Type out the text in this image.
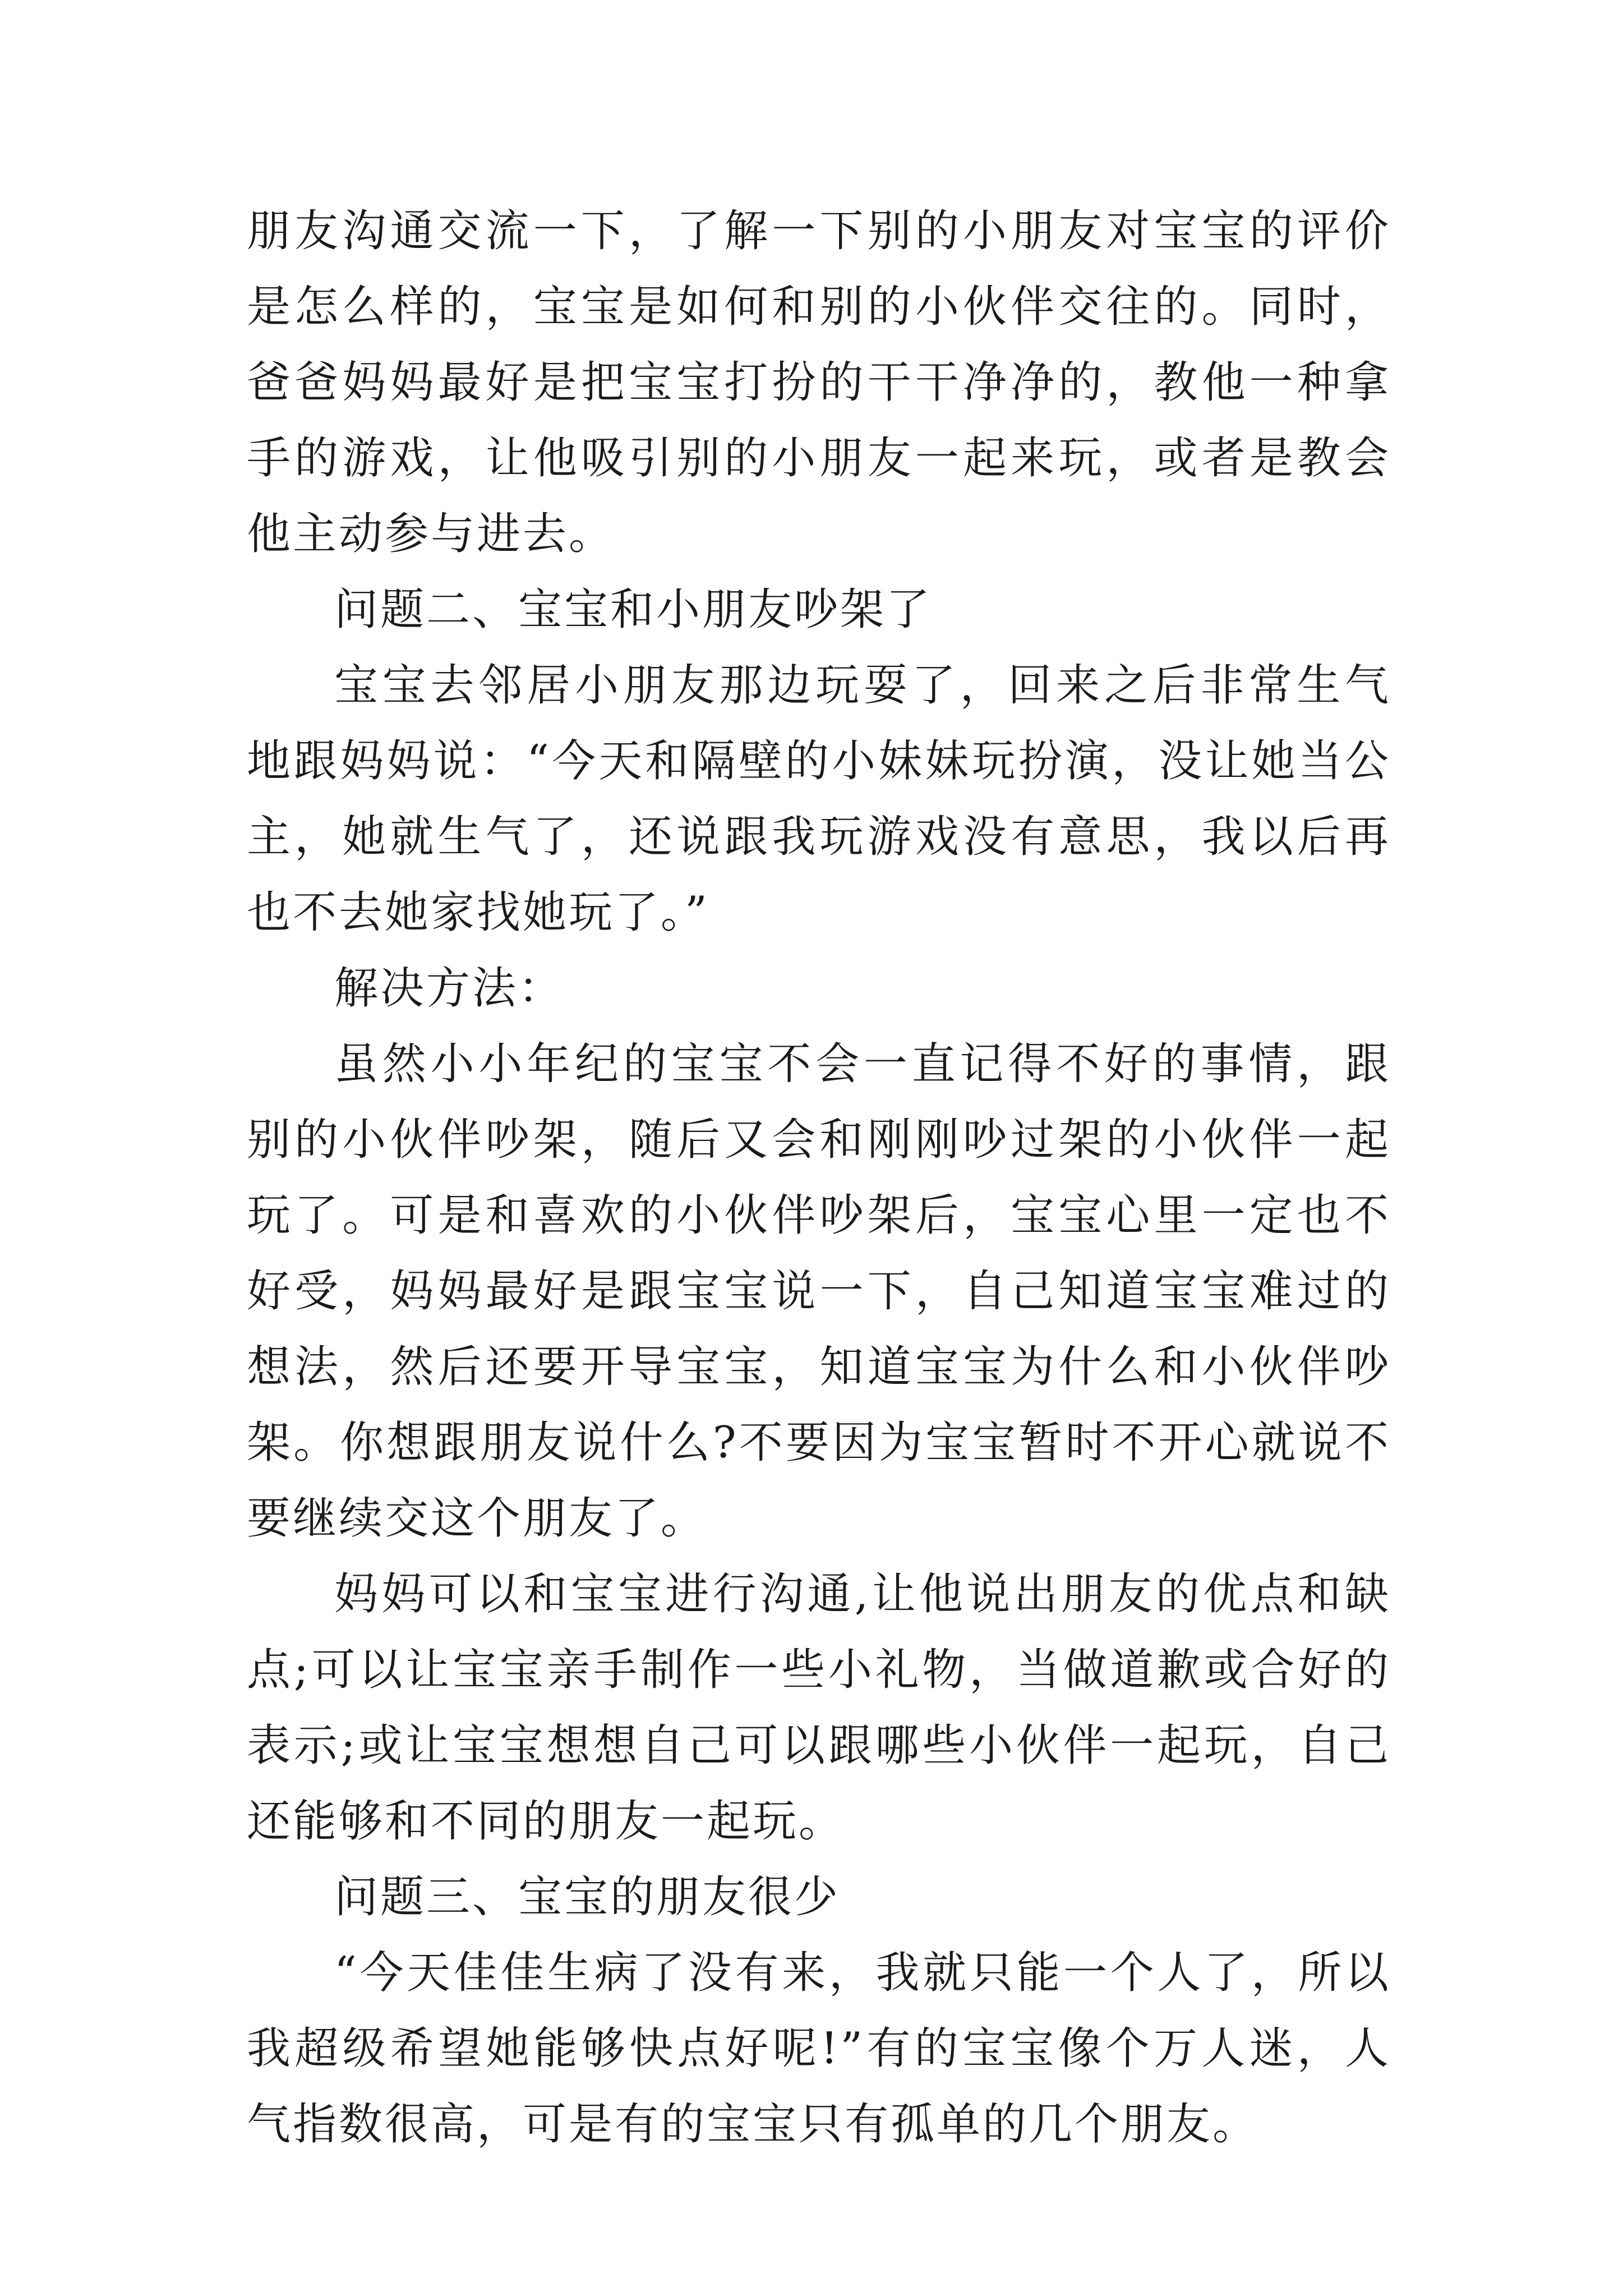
朋友沟通交流一下，了解一下别的小朋友对宝宝的评价是怎么样的，宝宝是如何和别的小伙伴交往的。同时，爸爸妈妈最好是把宝宝打扮的干干净净的，教他一种拿手的游戏，让他吸引别的小朋友一起来玩，或者是教会他主动参与进去。

问题二、宝宝和小朋友吵架了

宝宝去邻居小朋友那边玩耍了，回来之后非常生气地跟妈妈说：“今天和隔壁的小妹妹玩扮演，没让她当公主，她就生气了，还说跟我玩游戏没有意思，我以后再也不去她家找她玩了。”

解决方法：

虽然小小年纪的宝宝不会一直记得不好的事情，跟别的小伙伴吵架，随后又会和刚刚吵过架的小伙伴一起玩了。可是和喜欢的小伙伴吵架后，宝宝心里一定也不好受，妈妈最好是跟宝宝说一下，自己知道宝宝难过的想法，然后还要开导宝宝，知道宝宝为什么和小伙伴吵架。你想跟朋友说什么?不要因为宝宝暂时不开心就说不要继续交这个朋友了。

妈妈可以和宝宝进行沟通,让他说出朋友的优点和缺点;可以让宝宝亲手制作一些小礼物，当做道歉或合好的表示;或让宝宝想想自己可以跟哪些小伙伴一起玩，自己还能够和不同的朋友一起玩。

问题三、宝宝的朋友很少

“今天佳佳生病了没有来，我就只能一个人了，所以我超级希望她能够快点好呢!”有的宝宝像个万人迷，人气指数很高，可是有的宝宝只有孤单的几个朋友。
